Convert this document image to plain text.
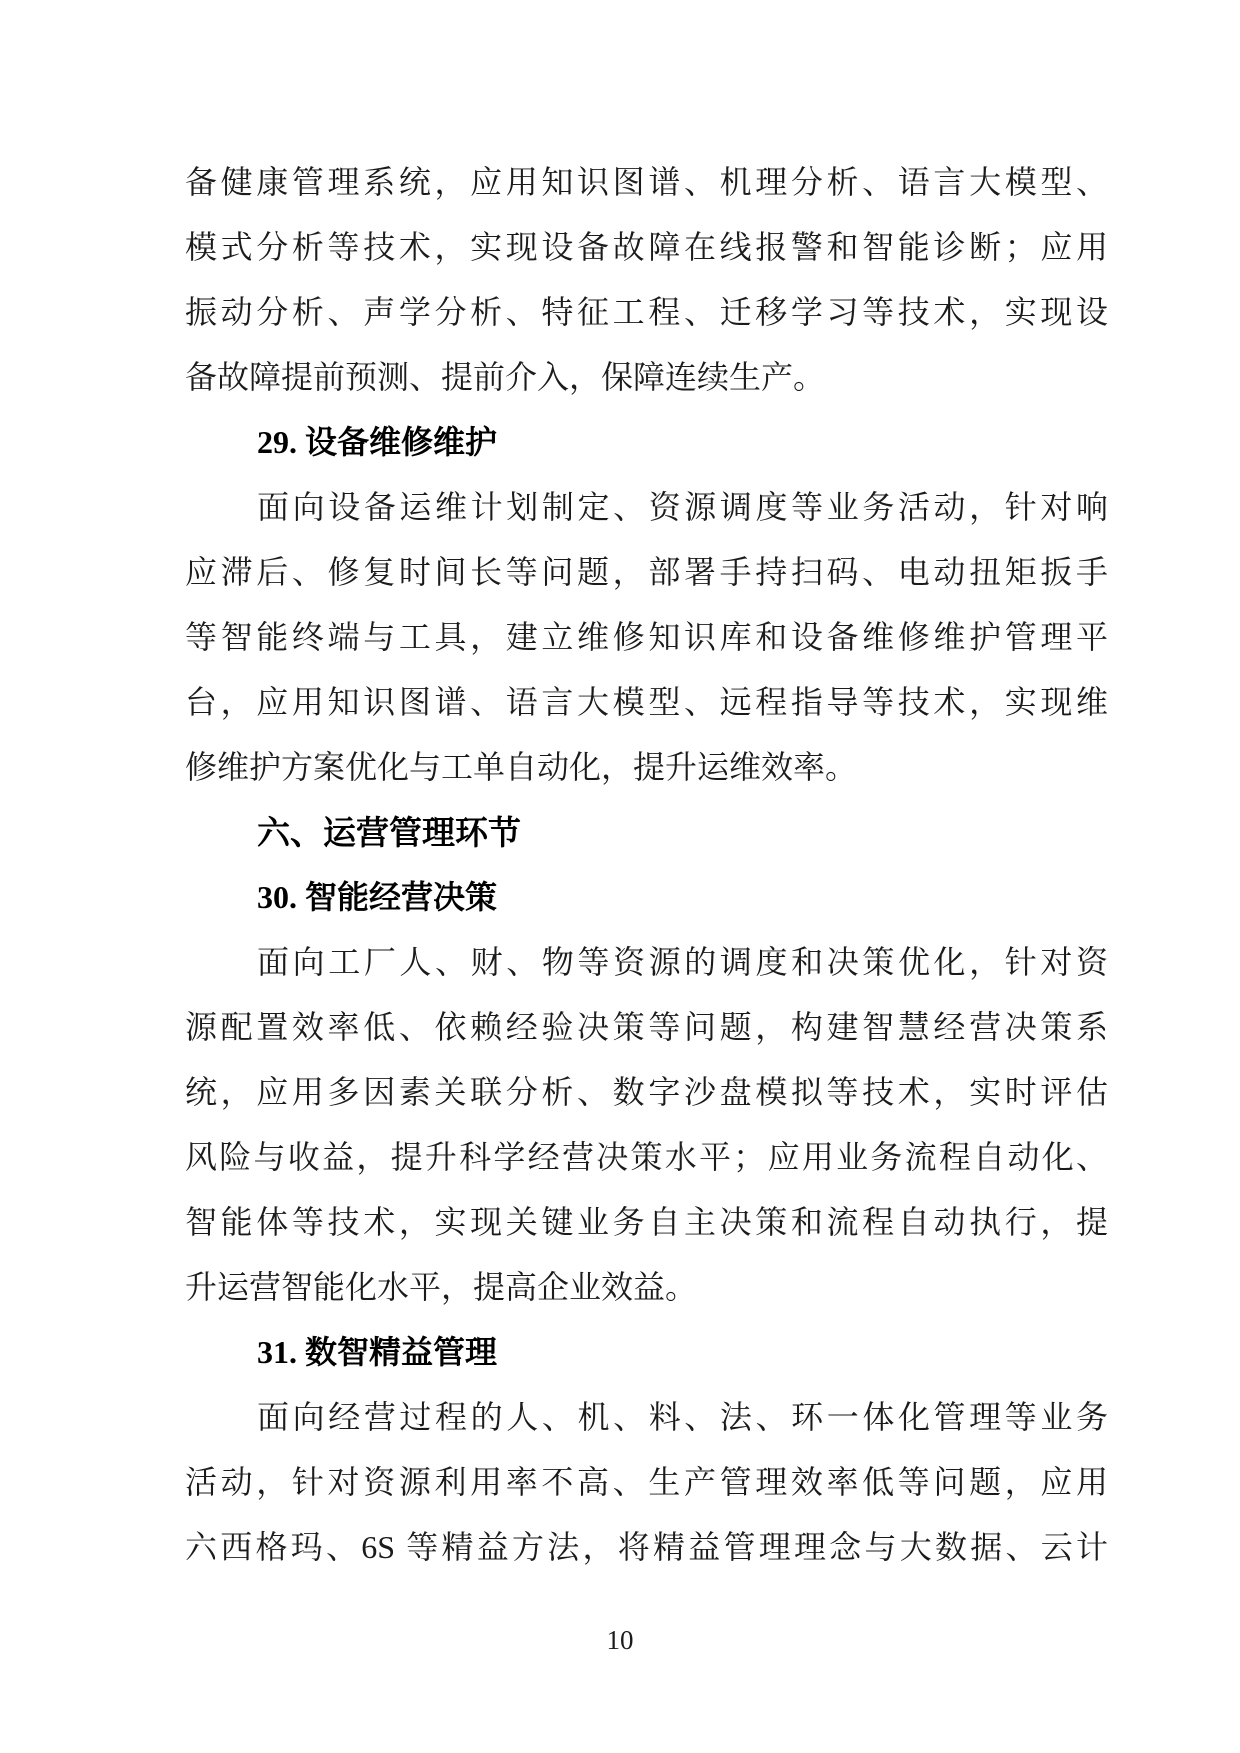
备健康管理系统，应用知识图谱、机理分析、语言大模型、
模式分析等技术，实现设备故障在线报警和智能诊断；应用
振动分析、声学分析、特征工程、迁移学习等技术，实现设
备故障提前预测、提前介入，保障连续生产。
29. 设备维修维护
面向设备运维计划制定、资源调度等业务活动，针对响
应滞后、修复时间长等问题，部署手持扫码、电动扭矩扳手
等智能终端与工具，建立维修知识库和设备维修维护管理平
台，应用知识图谱、语言大模型、远程指导等技术，实现维
修维护方案优化与工单自动化，提升运维效率。
六、运营管理环节
30. 智能经营决策
面向工厂人、财、物等资源的调度和决策优化，针对资
源配置效率低、依赖经验决策等问题，构建智慧经营决策系
统，应用多因素关联分析、数字沙盘模拟等技术，实时评估
风险与收益，提升科学经营决策水平；应用业务流程自动化、
智能体等技术，实现关键业务自主决策和流程自动执行，提
升运营智能化水平，提高企业效益。
31. 数智精益管理
面向经营过程的人、机、料、法、环一体化管理等业务
活动，针对资源利用率不高、生产管理效率低等问题，应用
六西格玛、6S 等精益方法，将精益管理理念与大数据、云计
10
